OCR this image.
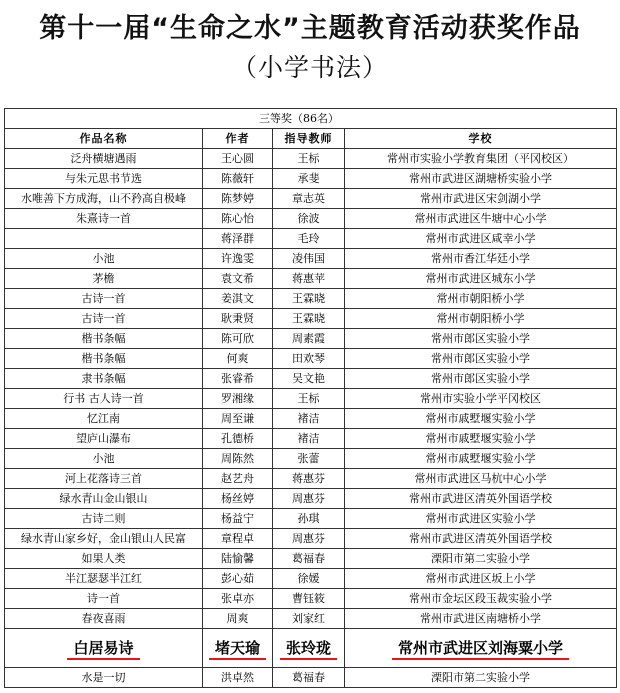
第十一届“生命之水”主题教育活动获奖作品
（小学书法）
三等奖（86名）			
作品名称	作者	指导教师	学校
泛舟横塘遇雨	王心圆	王标	常州市实验小学教育集团（平冈校区）
与朱元思书节选	陈薇轩	承斐	常州市武进区湖塘桥实验小学
水唯善下方成海，山不矜高自极峰	陈梦婷	章志英	常州市武进区宋剑湖小学
朱熹诗一首	陈心怡	徐波	常州市武进区牛塘中心小学
	蒋泽群	毛玲	常州市武进区咸幸小学
小池	许逸雯	凌伟国	常州市香江华廷小学
茅檐	袁文希	蒋惠苹	常州市武进区城东小学
古诗一首	姜淇文	王霖晓	常州市朝阳桥小学
古诗一首	耿秉贤	王霖晓	常州市朝阳桥小学
楷书条幅	陈可欣	周素霞	常州市郎区实验小学
楷书条幅	何爽	田欢琴	常州市郎区实验小学
隶书条幅	张睿希	吴文艳	常州市郎区实验小学
行书 古人诗一首	罗湘缘	王标	常州市实验小学平冈校区
忆江南	周至谦	褚洁	常州市戚墅堰实验小学
望庐山瀑布	孔德桥	褚洁	常州市戚墅堰实验小学
小池	周陈然	张蕾	常州市戚墅堰实验小学
河上花落诗三首	赵艺舟	蒋惠芬	常州市武进区马杭中心小学
绿水青山金山银山	杨丝婷	周惠芬	常州市武进区清英外国语学校
古诗二则	杨益宁	孙琪	常州市武进区实验小学
绿水青山家乡好，金山银山人民富	章程卓	周惠芬	常州市武进区清英外国语学校
如果人类	陆愉馨	葛福春	溧阳市第二实验小学
半江瑟瑟半江红	彭心茹	徐媛	常州市武进区坂上小学
诗一首	张卓亦	曹钰筱	常州市金坛区段玉裁实验小学
春夜喜雨	周爽	刘家红	常州市武进区南塘桥小学
白居易诗	堵天瑜	张玲珑	常州市武进区刘海粟小学
水是一切	洪卓然	葛福春	溧阳市第二实验小学
